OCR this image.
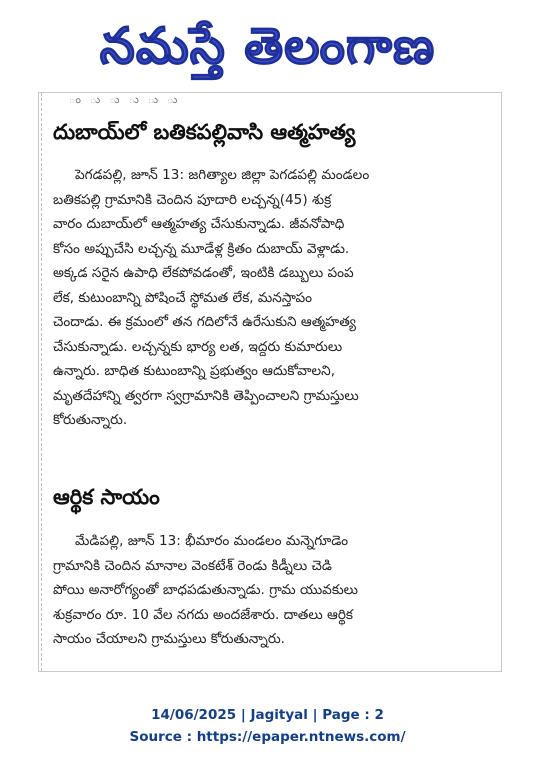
నమస్తే తెలంగాణ
ం ు ు ు ు ు
దుబాయ్‌లో బతికపల్లివాసి ఆత్మహత్య
పెగడపల్లి, జూన్ 13: జగిత్యాల జిల్లా పెగడపల్లి మండలం
బతికపల్లి గ్రామానికి చెందిన పూదారి లచ్చన్న(45) శుక్ర
వారం దుబాయ్‌లో ఆత్మహత్య చేసుకున్నాడు. జీవనోపాధి
కోసం అప్పుచేసి లచ్చన్న మూడేళ్ల క్రితం దుబాయ్ వెళ్లాడు.
అక్కడ సరైన ఉపాధి లేకపోవడంతో, ఇంటికి డబ్బులు పంప
లేక, కుటుంబాన్ని పోషించే స్థోమత లేక, మనస్తాపం
చెందాడు. ఈ క్రమంలో తన గదిలోనే ఉరేసుకుని ఆత్మహత్య
చేసుకున్నాడు. లచ్చన్నకు భార్య లత, ఇద్దరు కుమారులు
ఉన్నారు. బాధిత కుటుంబాన్ని ప్రభుత్వం ఆదుకోవాలని,
మృతదేహాన్ని త్వరగా స్వగ్రామానికి తెప్పించాలని గ్రామస్తులు
కోరుతున్నారు.
ఆర్థిక సాయం
మేడిపల్లి, జూన్ 13: భీమారం మండలం మన్నెగూడెం
గ్రామానికి చెందిన మానాల వెంకటేశ్ రెండు కిడ్నీలు చెడి
పోయి అనారోగ్యంతో బాధపడుతున్నాడు. గ్రామ యువకులు
శుక్రవారం రూ. 10 వేల నగదు అందజేశారు. దాతలు ఆర్థిక
సాయం చేయాలని గ్రామస్తులు కోరుతున్నారు.
14/06/2025 | Jagityal | Page : 2
Source : https://epaper.ntnews.com/
